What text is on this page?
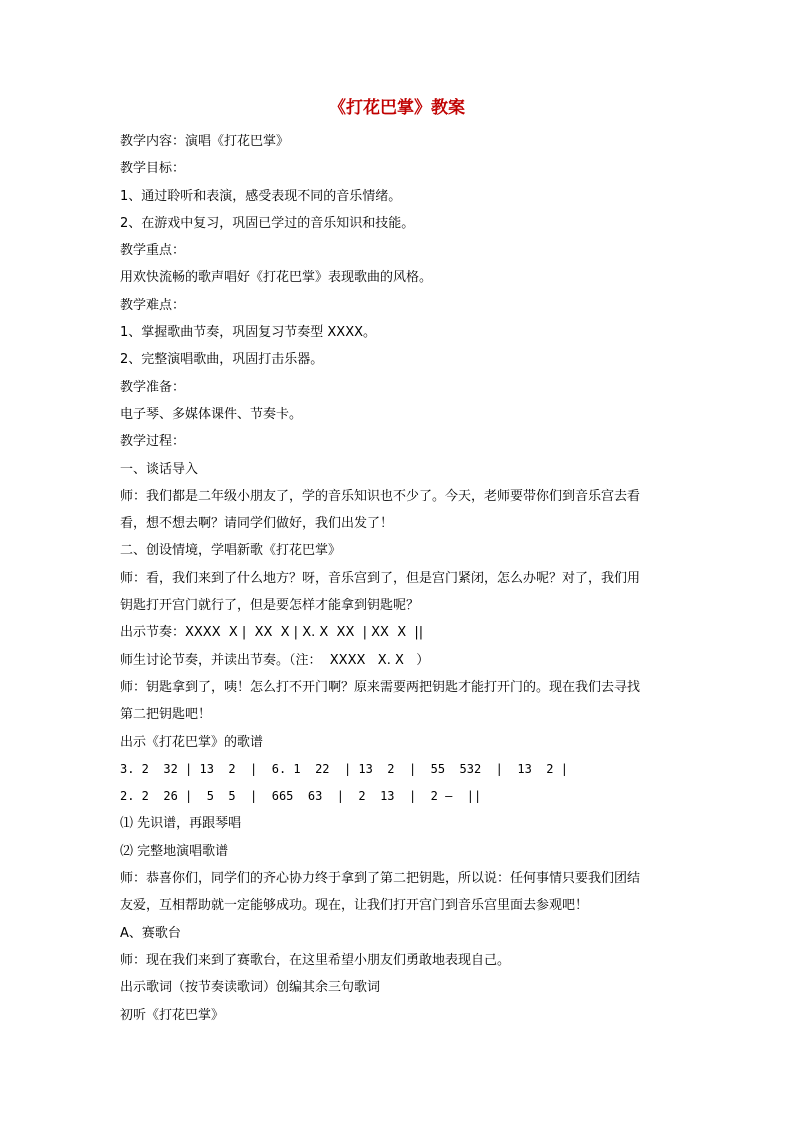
《打花巴掌》教案
教学内容：演唱《打花巴掌》
教学目标：
1、通过聆听和表演，感受表现不同的音乐情绪。
2、在游戏中复习，巩固已学过的音乐知识和技能。
教学重点：
用欢快流畅的歌声唱好《打花巴掌》表现歌曲的风格。
教学难点：
1、掌握歌曲节奏，巩固复习节奏型 XXXX。
2、完整演唱歌曲，巩固打击乐器。
教学准备：
电子琴、多媒体课件、节奏卡。
教学过程：
一、谈话导入
师：我们都是二年级小朋友了，学的音乐知识也不少了。今天，老师要带你们到音乐宫去看
看，想不想去啊？请同学们做好，我们出发了！
二、创设情境，学唱新歌《打花巴掌》
师：看，我们来到了什么地方？呀，音乐宫到了，但是宫门紧闭，怎么办呢？对了，我们用
钥匙打开宫门就行了，但是要怎样才能拿到钥匙呢？
出示节奏：XXXX  X |  XX  X | X. X  XX  | XX  X  ||
师生讨论节奏，并读出节奏。（注：  XXXX   X. X   ）
师：钥匙拿到了，咦！怎么打不开门啊？原来需要两把钥匙才能打开门的。现在我们去寻找
第二把钥匙吧！
出示《打花巴掌》的歌谱
3. 2  32 | 13  2  |  6. 1  22  | 13  2  |  55  532  |  13  2 |
2. 2  26 |  5  5  |  665  63  |  2  13  |  2 —  ||
⑴ 先识谱，再跟琴唱
⑵ 完整地演唱歌谱
师：恭喜你们，同学们的齐心协力终于拿到了第二把钥匙，所以说：任何事情只要我们团结
友爱，互相帮助就一定能够成功。现在，让我们打开宫门到音乐宫里面去参观吧！
A、赛歌台
师：现在我们来到了赛歌台，在这里希望小朋友们勇敢地表现自己。
出示歌词（按节奏读歌词）创编其余三句歌词
初听《打花巴掌》
